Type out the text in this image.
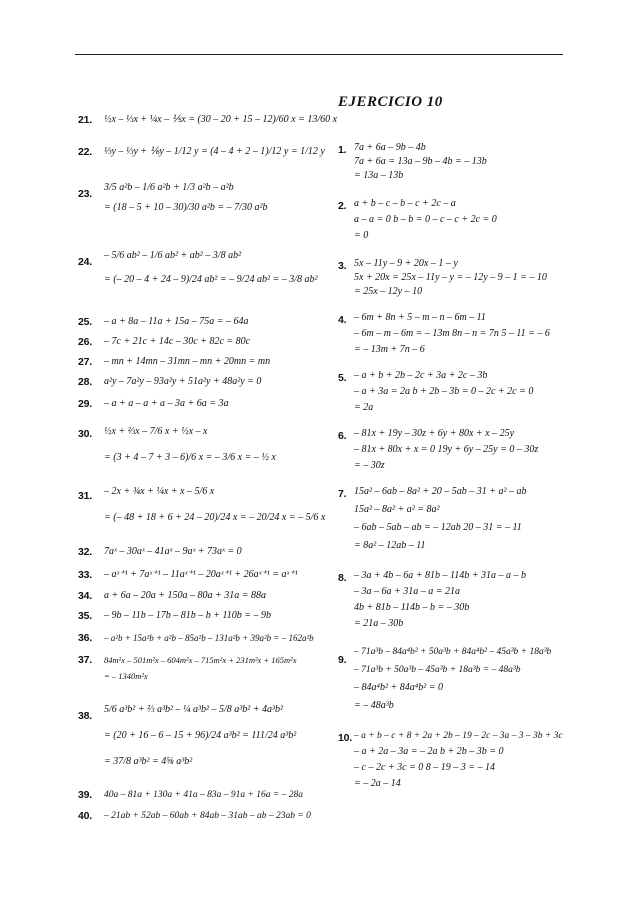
21. ½x – ⅓x + ¼x – ⅕x = (30 – 20 + 15 – 12)/60 x = 13/60 x
22. ⅓y – ⅓y + ⅙y – 1/12 y = (4 – 4 + 2 – 1)/12 y = 1/12 y
23.
3/5 a²b – 1/6 a²b + 1/3 a²b – a²b
= (18 – 5 + 10 – 30)/30 a²b = – 7/30 a²b
24.
– 5/6 ab² – 1/6 ab² + ab² – 3/8 ab²
= (– 20 – 4 + 24 – 9)/24 ab² = – 9/24 ab² = – 3/8 ab²
25. – a + 8a – 11a + 15a – 75a = – 64a
26. – 7c + 21c + 14c – 30c + 82c = 80c
27. – mn + 14mn – 31mn – mn + 20mn = mn
28. a²y – 7a²y – 93a²y + 51a²y + 48a²y = 0
29. – a + a – a + a – 3a + 6a = 3a
30. ½x + ⅔x – 7/6 x + ½x – x
= (3 + 4 – 7 + 3 – 6)/6 x = – 3/6 x = – ½ x
31. – 2x + ¾x + ¼x + x – 5/6 x
= (– 48 + 18 + 6 + 24 – 20)/24 x = – 20/24 x = – 5/6 x
32. 7aˣ – 30aˣ – 41aˣ – 9aˣ + 73aˣ = 0
33. – aˣ⁺¹ + 7aˣ⁺¹ – 11aˣ⁺¹ – 20aˣ⁺¹ + 26aˣ⁺¹ = aˣ⁺¹
34. a + 6a – 20a + 150a – 80a + 31a = 88a
35. – 9b – 11b – 17b – 81b – b + 110b = – 9b
36. – a²b + 15a²b + a²b – 85a²b – 131a²b + 39a²b = – 162a²b
37. 84m²x – 501m²x – 604m²x – 715m²x + 231m²x + 165m²x
= – 1340m²x
38.
5/6 a³b² + ⅔ a³b² – ¼ a³b² – 5/8 a³b² + 4a³b²
= (20 + 16 – 6 – 15 + 96)/24 a³b² = 111/24 a³b²
= 37/8 a³b² = 4⅝ a³b²
39. 40a – 81a + 130a + 41a – 83a – 91a + 16a = – 28a
40. – 21ab + 52ab – 60ab + 84ab – 31ab – ab – 23ab = 0
EJERCICIO 10
1. 7a + 6a – 9b – 4b
7a + 6a = 13a – 9b – 4b = – 13b
= 13a – 13b
2. a + b – c – b – c + 2c – a
a – a = 0 b – b = 0 – c – c + 2c = 0
= 0
3. 5x – 11y – 9 + 20x – 1 – y
5x + 20x = 25x – 11y – y = – 12y – 9 – 1 = – 10
= 25x – 12y – 10
4. – 6m + 8n + 5 – m – n – 6m – 11
– 6m – m – 6m = – 13m 8n – n = 7n 5 – 11 = – 6
= – 13m + 7n – 6
5. – a + b + 2b – 2c + 3a + 2c – 3b
– a + 3a = 2a b + 2b – 3b = 0 – 2c + 2c = 0
= 2a
6. – 81x + 19y – 30z + 6y + 80x + x – 25y
– 81x + 80x + x = 0 19y + 6y – 25y = 0 – 30z
= – 30z
7. 15a² – 6ab – 8a² + 20 – 5ab – 31 + a² – ab
15a² – 8a² + a² = 8a²
– 6ab – 5ab – ab = – 12ab 20 – 31 = – 11
= 8a² – 12ab – 11
8. – 3a + 4b – 6a + 81b – 114b + 31a – a – b
– 3a – 6a + 31a – a = 21a
4b + 81b – 114b – b = – 30b
= 21a – 30b
9.
– 71a³b – 84a⁴b² + 50a³b + 84a⁴b² – 45a³b + 18a³b
– 71a³b + 50a³b – 45a³b + 18a³b = – 48a³b
– 84a⁴b² + 84a⁴b² = 0
= – 48a³b
10. – a + b – c + 8 + 2a + 2b – 19 – 2c – 3a – 3 – 3b + 3c
– a + 2a – 3a = – 2a b + 2b – 3b = 0
– c – 2c + 3c = 0 8 – 19 – 3 = – 14
= – 2a – 14
